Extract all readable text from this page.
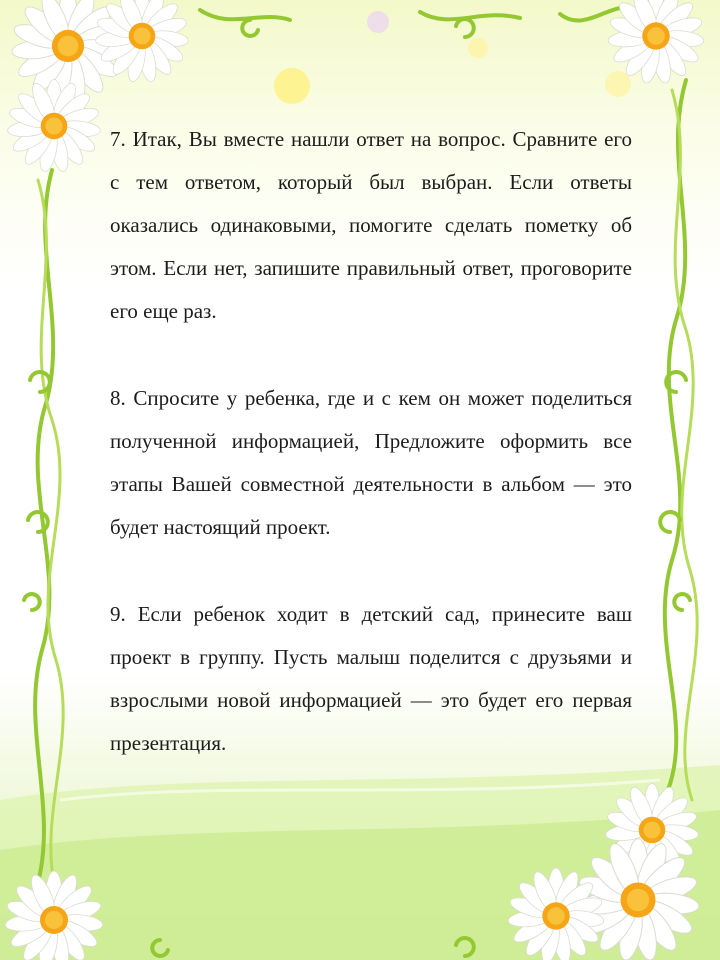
7. Итак, Вы вместе нашли ответ на вопрос. Сравните его с тем ответом, который был выбран. Если ответы оказались одинаковыми, помогите сделать пометку об этом. Если нет, запишите правильный ответ, проговорите его еще раз.

8. Спросите у ребенка, где и с кем он может поделиться полученной информацией, Предложите оформить все этапы Вашей совместной деятельности в альбом — это будет настоящий проект.

9. Если ребенок ходит в детский сад, принесите ваш проект в группу. Пусть малыш поделится с друзьями и взрослыми новой информацией — это будет его первая презентация.
